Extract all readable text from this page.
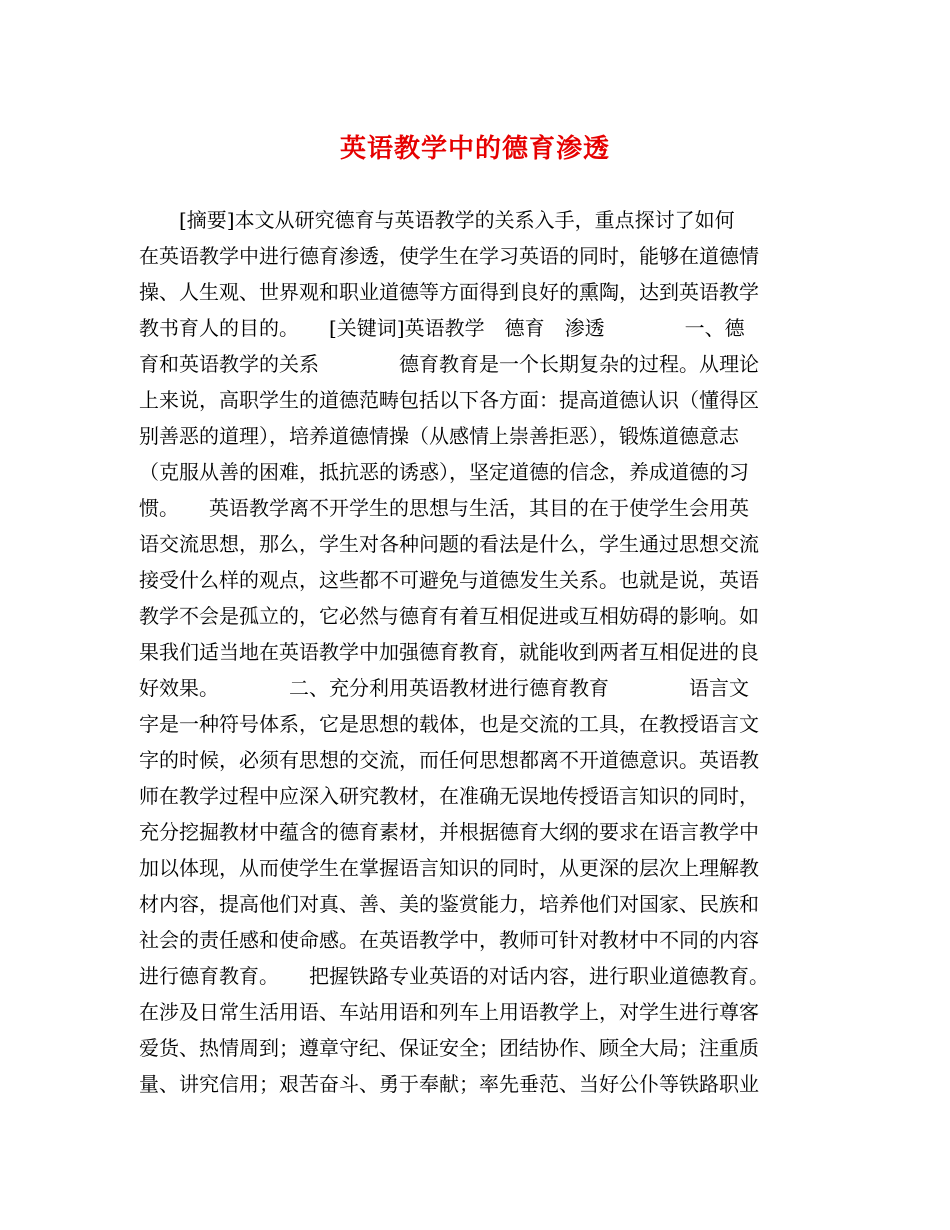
英语教学中的德育渗透
　　[摘要]本文从研究德育与英语教学的关系入手，重点探讨了如何
在英语教学中进行德育渗透，使学生在学习英语的同时，能够在道德情
操、人生观、世界观和职业道德等方面得到良好的熏陶，达到英语教学
教书育人的目的。　　[关键词]英语教学　德育　渗透　　　　一、德
育和英语教学的关系　　　　德育教育是一个长期复杂的过程。从理论
上来说，高职学生的道德范畴包括以下各方面：提高道德认识（懂得区
别善恶的道理），培养道德情操（从感情上崇善拒恶），锻炼道德意志
（克服从善的困难，抵抗恶的诱惑），坚定道德的信念，养成道德的习
惯。　　英语教学离不开学生的思想与生活，其目的在于使学生会用英
语交流思想，那么，学生对各种问题的看法是什么，学生通过思想交流
接受什么样的观点，这些都不可避免与道德发生关系。也就是说，英语
教学不会是孤立的，它必然与德育有着互相促进或互相妨碍的影响。如
果我们适当地在英语教学中加强德育教育，就能收到两者互相促进的良
好效果。　　　　二、充分利用英语教材进行德育教育　　　　语言文
字是一种符号体系，它是思想的载体，也是交流的工具，在教授语言文
字的时候，必须有思想的交流，而任何思想都离不开道德意识。英语教
师在教学过程中应深入研究教材，在准确无误地传授语言知识的同时，
充分挖掘教材中蕴含的德育素材，并根据德育大纲的要求在语言教学中
加以体现，从而使学生在掌握语言知识的同时，从更深的层次上理解教
材内容，提高他们对真、善、美的鉴赏能力，培养他们对国家、民族和
社会的责任感和使命感。在英语教学中，教师可针对教材中不同的内容
进行德育教育。　　把握铁路专业英语的对话内容，进行职业道德教育。
在涉及日常生活用语、车站用语和列车上用语教学上，对学生进行尊客
爱货、热情周到；遵章守纪、保证安全；团结协作、顾全大局；注重质
量、讲究信用；艰苦奋斗、勇于奉献；率先垂范、当好公仆等铁路职业
